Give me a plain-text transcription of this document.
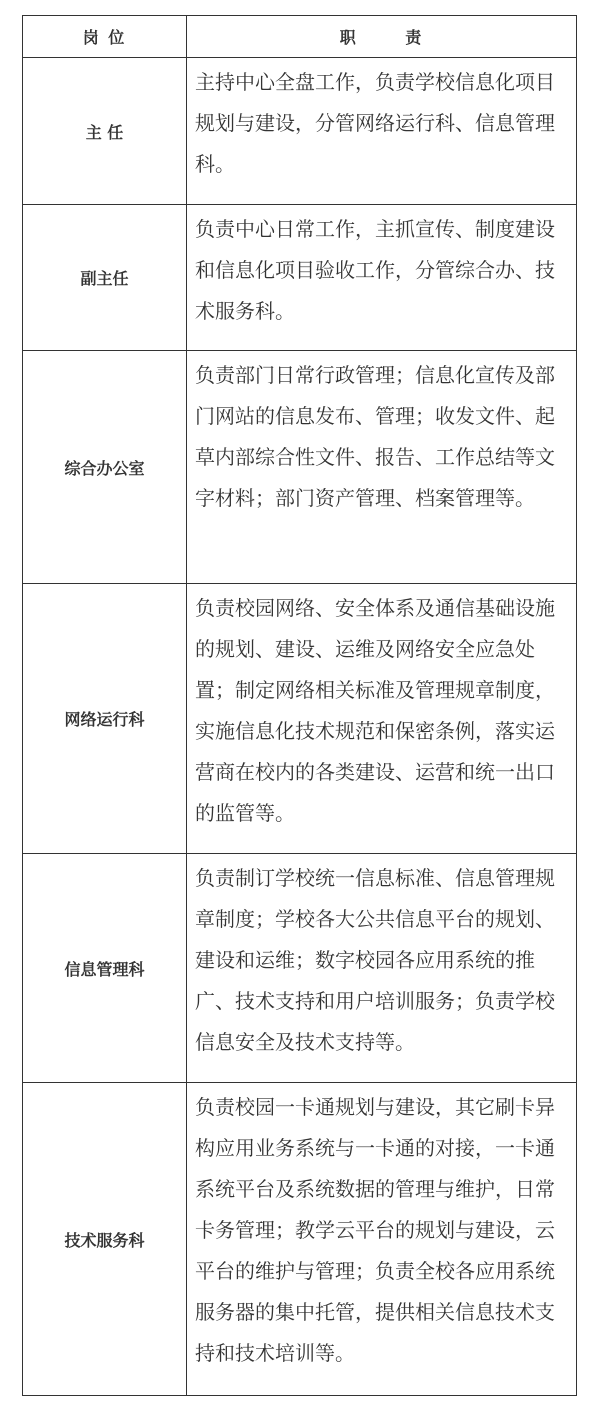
岗 位	职 责
主 任	主持中心全盘工作，负责学校信息化项目规划与建设，分管网络运行科、信息管理科。
副主任	负责中心日常工作，主抓宣传、制度建设和信息化项目验收工作，分管综合办、技术服务科。
综合办公室	负责部门日常行政管理；信息化宣传及部门网站的信息发布、管理；收发文件、起草内部综合性文件、报告、工作总结等文字材料；部门资产管理、档案管理等。
网络运行科	负责校园网络、安全体系及通信基础设施的规划、建设、运维及网络安全应急处置；制定网络相关标准及管理规章制度，实施信息化技术规范和保密条例，落实运营商在校内的各类建设、运营和统一出口的监管等。
信息管理科	负责制订学校统一信息标准、信息管理规章制度；学校各大公共信息平台的规划、建设和运维；数字校园各应用系统的推广、技术支持和用户培训服务；负责学校信息安全及技术支持等。
技术服务科	负责校园一卡通规划与建设，其它刷卡异构应用业务系统与一卡通的对接，一卡通系统平台及系统数据的管理与维护，日常卡务管理；教学云平台的规划与建设，云平台的维护与管理；负责全校各应用系统服务器的集中托管，提供相关信息技术支持和技术培训等。
